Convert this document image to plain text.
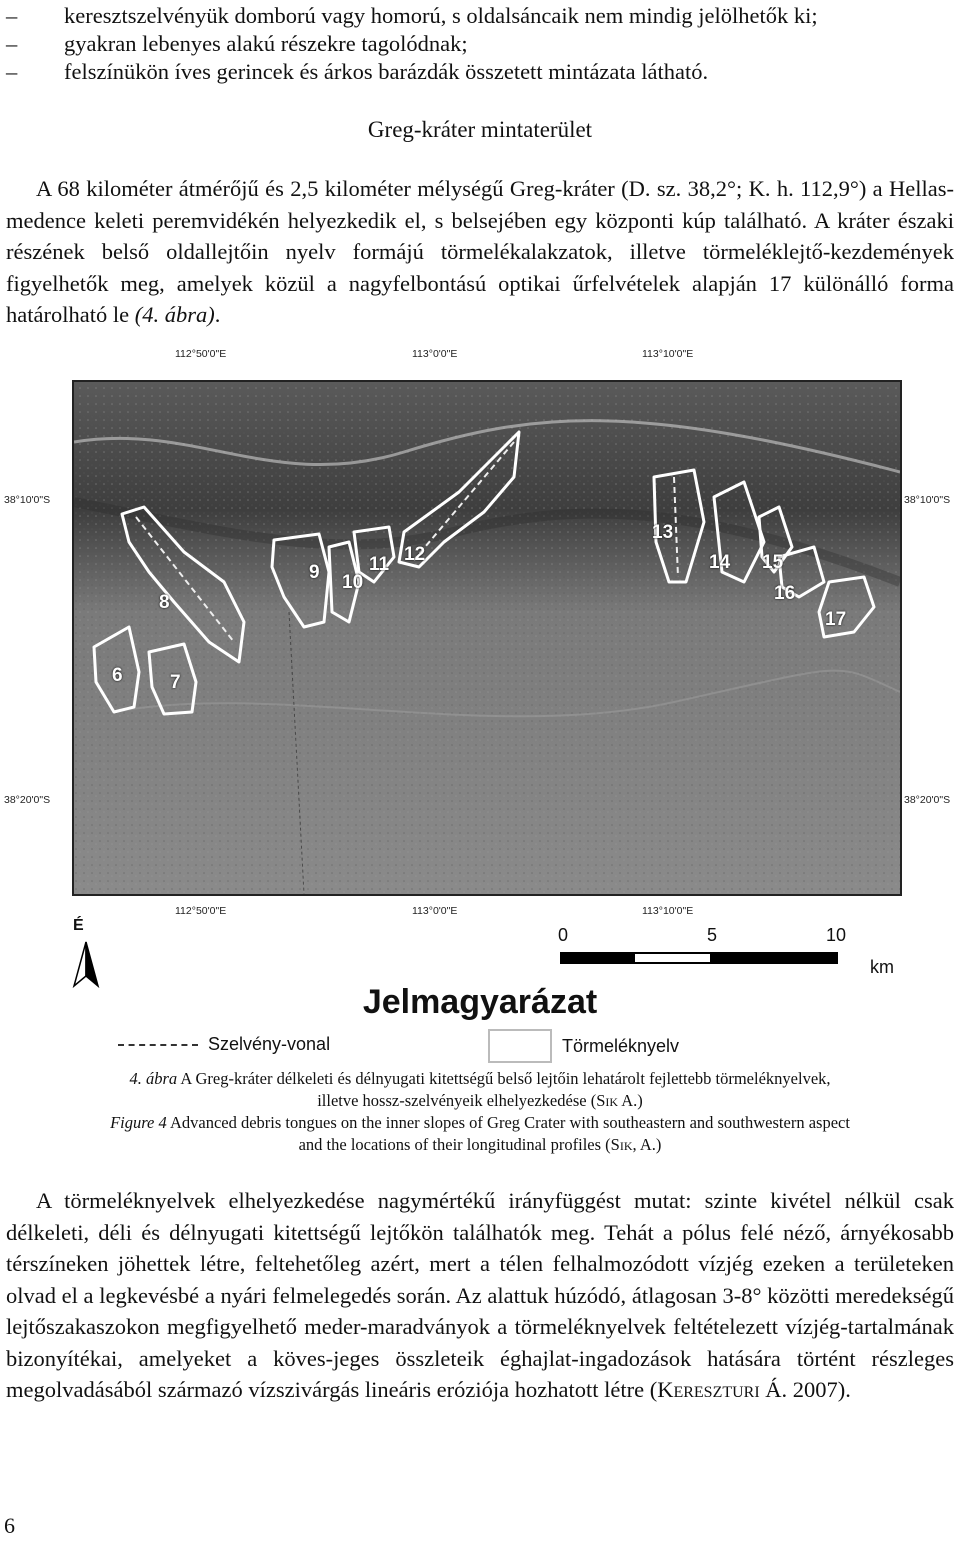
–	keresztszelvényük domború vagy homorú, s oldalsáncaik nem mindig jelölhetők ki;
–	gyakran lebenyes alakú részekre tagolódnak;
–	felszínükön íves gerincek és árkos barázdák összetett mintázata látható.
Greg-kráter mintaterület
A 68 kilométer átmérőjű és 2,5 kilométer mélységű Greg-kráter (D. sz. 38,2°; K. h. 112,9°) a Hellas-medence keleti peremvidékén helyezkedik el, s belsejében egy központi kúp található. A kráter északi részének belső oldallejtőin nyelv formájú törmelékalakzatok, illetve törmeléklejtő-kezdemények figyelhetők meg, amelyek közül a nagyfelbontású optikai űrfelvételek alapján 17 különálló forma határolható le (4. ábra).
112°50'0"E	113°0'0"E	113°10'0"E
112°50'0"E	113°0'0"E	113°10'0"E
38°10'0"S
38°20'0"S
38°10'0"S
38°20'0"S
6 7
8
9 10
11 12
13
14 15
16
17
É	0	5	10
km
Jelmagyarázat
Szelvény-vonal	Törmeléknyelv
4. ábra A Greg-kráter délkeleti és délnyugati kitettségű belső lejtőin lehatárolt fejlettebb törmeléknyelvek,
illetve hossz-szelvényeik elhelyezkedése (Sik A.)
Figure 4 Advanced debris tongues on the inner slopes of Greg Crater with southeastern and southwestern aspect
and the locations of their longitudinal profiles (Sik, A.)
A törmeléknyelvek elhelyezkedése nagymértékű irányfüggést mutat: szinte kivétel nélkül csak délkeleti, déli és délnyugati kitettségű lejtőkön találhatók meg. Tehát a pólus felé néző, árnyékosabb térszíneken jöhettek létre, feltehetőleg azért, mert a télen felhalmozódott vízjég ezeken a területeken olvad el a legkevésbé a nyári felmelegedés során. Az alattuk húzódó, átlagosan 3-8° közötti meredekségű lejtőszakaszokon megfigyelhető meder-maradványok a törmeléknyelvek feltételezett vízjég-tartalmának bizonyítékai, amelyeket a köves-jeges összleteik éghajlat-ingadozások hatására történt részleges megolvadásából származó vízszivárgás lineáris eróziója hozhatott létre (Kereszturi Á. 2007).
6
